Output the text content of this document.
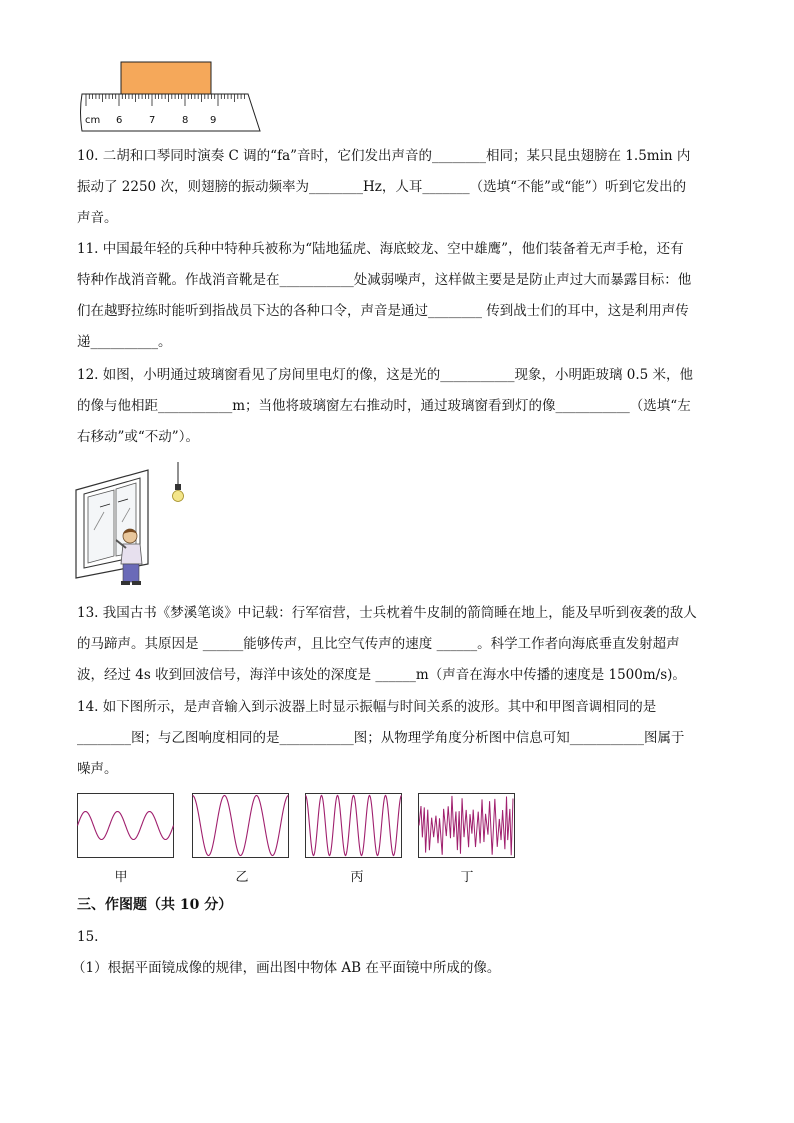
cm 6	7	8 9
10. 二胡和口琴同时演奏 C 调的“fa”音时，它们发出声音的________相同；某只昆虫翅膀在 1.5min 内
振动了 2250 次，则翅膀的振动频率为________Hz，人耳_______（选填“不能”或“能”）听到它发出的
声音。
11. 中国最年轻的兵种中特种兵被称为“陆地猛虎、海底蛟龙、空中雄鹰”，他们装备着无声手枪，还有
特种作战消音靴。作战消音靴是在___________处减弱噪声，这样做主要是是防止声过大而暴露目标：他
们在越野拉练时能听到指战员下达的各种口令，声音是通过________ 传到战士们的耳中，这是利用声传
递__________。
12. 如图，小明通过玻璃窗看见了房间里电灯的像，这是光的___________现象，小明距玻璃 0.5 米，他
的像与他相距___________m；当他将玻璃窗左右推动时，通过玻璃窗看到灯的像___________（选填“左
右移动”或“不动”）。
13. 我国古书《梦溪笔谈》中记载：行军宿营，士兵枕着牛皮制的箭筒睡在地上，能及早听到夜袭的敌人
的马蹄声。其原因是 ______能够传声，且比空气传声的速度 ______。科学工作者向海底垂直发射超声
波，经过 4s 收到回波信号，海洋中该处的深度是 ______m（声音在海水中传播的速度是 1500m/s)。
14. 如下图所示，是声音输入到示波器上时显示振幅与时间关系的波形。其中和甲图音调相同的是
________图；与乙图响度相同的是___________图；从物理学角度分析图中信息可知___________图属于
噪声。
甲	乙	丙	丁
三、作图题（共 10 分）
15.
（1）根据平面镜成像的规律，画出图中物体 AB 在平面镜中所成的像。
